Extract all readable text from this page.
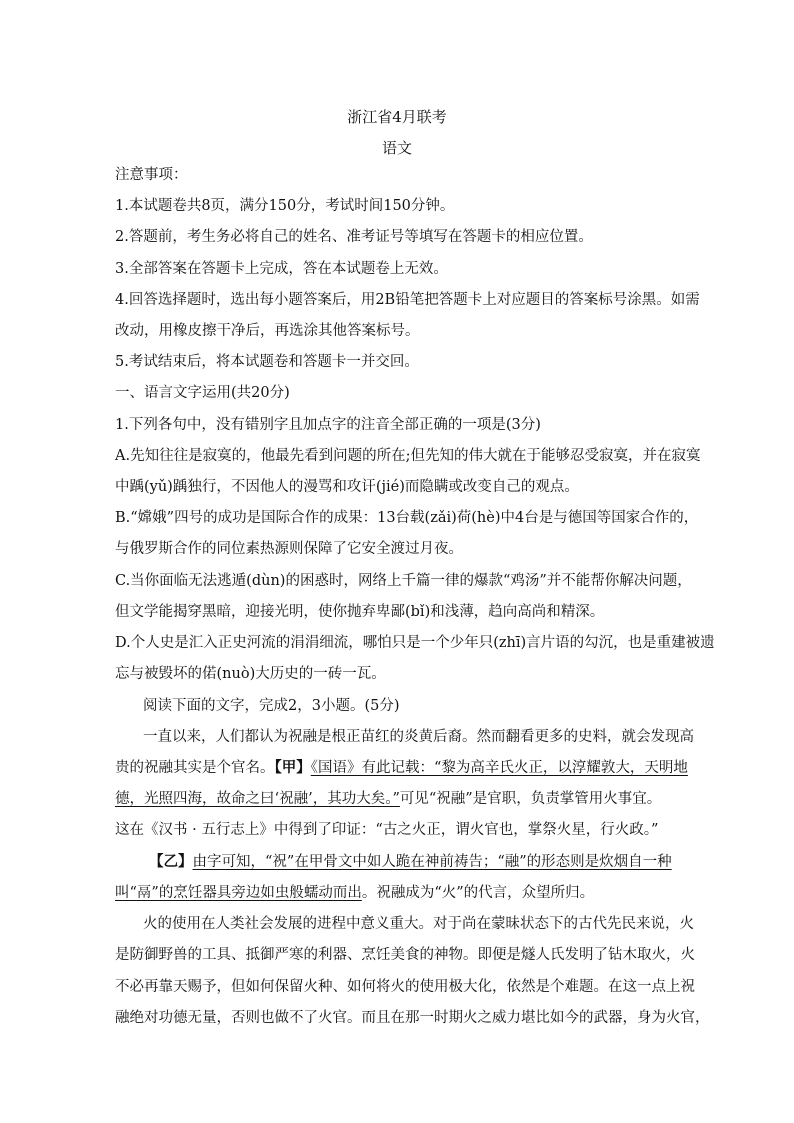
浙江省4月联考
语文
注意事项：
1.本试题卷共8页，满分150分，考试时间150分钟。
2.答题前，考生务必将自己的姓名、准考证号等填写在答题卡的相应位置。
3.全部答案在答题卡上完成，答在本试题卷上无效。
4.回答选择题时，选出每小题答案后，用2B铅笔把答题卡上对应题目的答案标号涂黑。如需
改动，用橡皮擦干净后，再选涂其他答案标号。
5.考试结束后，将本试题卷和答题卡一并交回。
一、语言文字运用(共20分)
1.下列各句中，没有错别字且加点字的注音全部正确的一项是(3分)
A.先知往往是寂寞的，他最先看到问题的所在;但先知的伟大就在于能够忍受寂寞，并在寂寞
中踽(yǔ)踽独行，不因他人的漫骂和攻讦(jié)而隐瞒或改变自己的观点。
B.“嫦娥”四号的成功是国际合作的成果：13台载(zǎi)荷(hè)中4台是与德国等国家合作的，
与俄罗斯合作的同位素热源则保障了它安全渡过月夜。
C.当你面临无法逃遁(dùn)的困惑时，网络上千篇一律的爆款“鸡汤”并不能帮你解决问题，
但文学能揭穿黑暗，迎接光明，使你抛弃卑鄙(bǐ)和浅薄，趋向高尚和精深。
D.个人史是汇入正史河流的涓涓细流，哪怕只是一个少年只(zhī)言片语的勾沉，也是重建被遗
忘与被毁坏的偌(nuò)大历史的一砖一瓦。
阅读下面的文字，完成2，3小题。(5分)
一直以来，人们都认为祝融是根正苗红的炎黄后裔。然而翻看更多的史料，就会发现高
贵的祝融其实是个官名。【甲】《国语》有此记载：“黎为高辛氏火正，以淳耀敦大，天明地
德，光照四海，故命之曰‘祝融’，其功大矣。”可见“祝融”是官职，负责掌管用火事宜。
这在《汉书 · 五行志上》中得到了印证：“古之火正，谓火官也，掌祭火星，行火政。”
【乙】由字可知，“祝”在甲骨文中如人跪在神前祷告；“融”的形态则是炊烟自一种
叫“鬲”的烹饪器具旁边如虫般蠕动而出。祝融成为“火”的代言，众望所归。
火的使用在人类社会发展的进程中意义重大。对于尚在蒙昧状态下的古代先民来说，火
是防御野兽的工具、抵御严寒的利器、烹饪美食的神物。即便是燧人氏发明了钻木取火，火
不必再靠天赐予，但如何保留火种、如何将火的使用极大化，依然是个难题。在这一点上祝
融绝对功德无量，否则也做不了火官。而且在那一时期火之威力堪比如今的武器，身为火官，
